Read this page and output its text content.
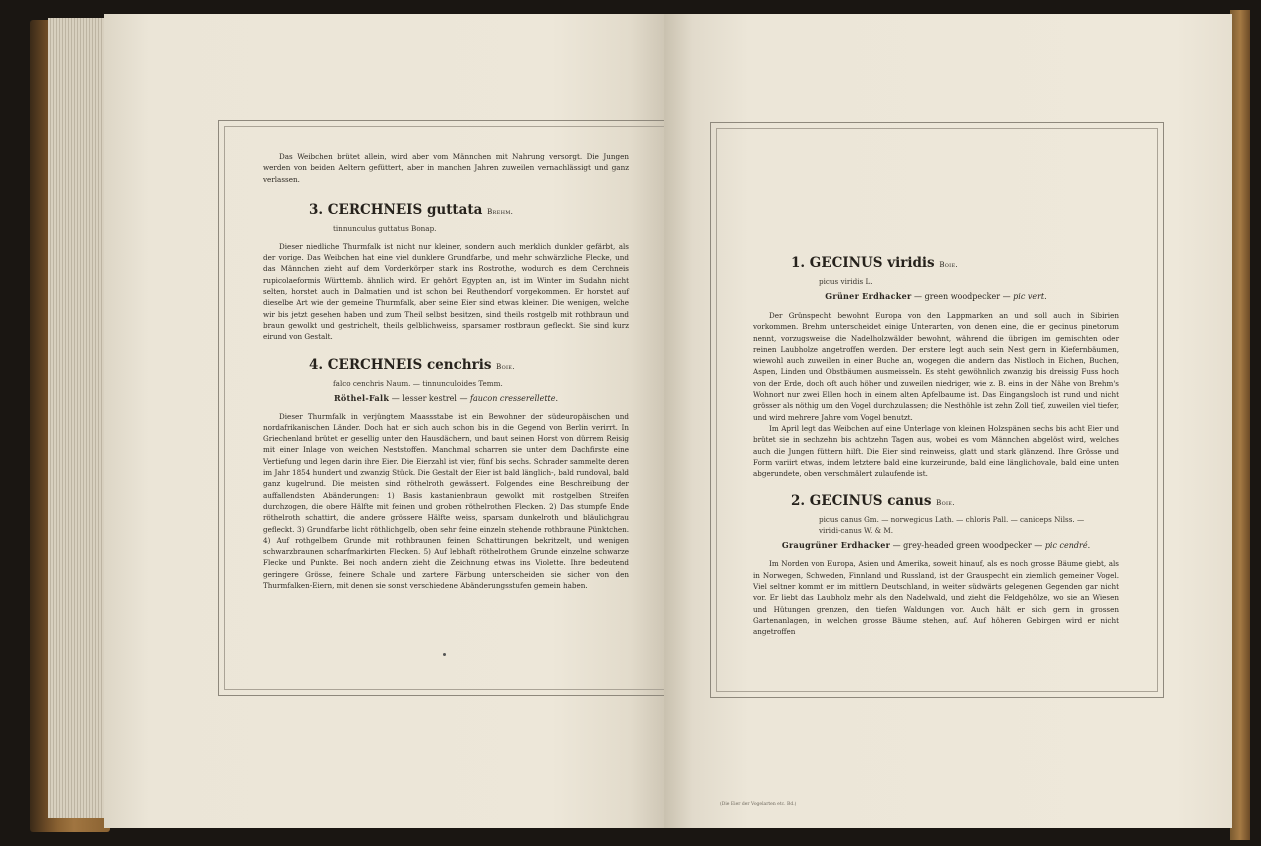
Das Weibchen brütet allein, wird aber vom Männchen mit Nahrung versorgt. Die Jungen werden von beiden Aeltern gefüttert, aber in manchen Jahren zuweilen vernachlässigt und ganz verlassen.

3. CERCHNEIS guttata Brehm.
tinnunculus guttatus Bonap.

Dieser niedliche Thurmfalk ist nicht nur kleiner, sondern auch merklich dunkler gefärbt, als der vorige. Das Weibchen hat eine viel dunklere Grundfarbe, und mehr schwärzliche Flecke, und das Männchen zieht auf dem Vorderkörper stark ins Rostrothe, wodurch es dem Cerchneis rupicolaeformis Württemb. ähnlich wird. Er gehört Egypten an, ist im Winter im Sudahn nicht selten, horstet auch in Dalmatien und ist schon bei Reuthendorf vorgekommen. Er horstet auf dieselbe Art wie der gemeine Thurmfalk, aber seine Eier sind etwas kleiner. Die wenigen, welche wir bis jetzt gesehen haben und zum Theil selbst besitzen, sind theils rostgelb mit rothbraun und braun gewolkt und gestrichelt, theils gelblichweiss, sparsamer rostbraun gefleckt. Sie sind kurz eirund von Gestalt.

4. CERCHNEIS cenchris Boie.
falco cenchris Naum. — tinnunculoides Temm.
Röthel-Falk — lesser kestrel — faucon cresserellette.

Dieser Thurmfalk in verjüngtem Maassstabe ist ein Bewohner der südeuropäischen und nordafrikanischen Länder. Doch hat er sich auch schon bis in die Gegend von Berlin verirrt. In Griechenland brütet er gesellig unter den Hausdächern, und baut seinen Horst von dürrem Reisig mit einer Inlage von weichen Neststoffen. Manchmal scharren sie unter dem Dachfirste eine Vertiefung und legen darin ihre Eier. Die Eierzahl ist vier, fünf bis sechs. Schrader sammelte deren im Jahr 1854 hundert und zwanzig Stück. Die Gestalt der Eier ist bald länglich-, bald rundoval, bald ganz kugelrund. Die meisten sind röthelroth gewässert. Folgendes eine Beschreibung der auffallendsten Abänderungen: 1) Basis kastanienbraun gewolkt mit rostgelben Streifen durchzogen, die obere Hälfte mit feinen und groben röthelrothen Flecken. 2) Das stumpfe Ende röthelroth schattirt, die andere grössere Hälfte weiss, sparsam dunkelroth und bläulichgrau gefleckt. 3) Grundfarbe licht röthlichgelb, oben sehr feine einzeln stehende rothbraune Pünktchen. 4) Auf rothgelbem Grunde mit rothbraunen feinen Schattirungen bekritzelt, und wenigen schwarzbraunen scharfmarkirten Flecken. 5) Auf lebhaft röthelrothem Grunde einzelne schwarze Flecke und Punkte. Bei noch andern zieht die Zeichnung etwas ins Violette. Ihre bedeutend geringere Grösse, feinere Schale und zartere Färbung unterscheiden sie sicher von den Thurmfalken-Eiern, mit denen sie sonst verschiedene Abänderungsstufen gemein haben.

1. GECINUS viridis Boie.
picus viridis L.
Grüner Erdhacker — green woodpecker — pic vert.

Der Grünspecht bewohnt Europa von den Lappmarken an und soll auch in Sibirien vorkommen. Brehm unterscheidet einige Unterarten, von denen eine, die er gecinus pinetorum nennt, vorzugsweise die Nadelholzwälder bewohnt, während die übrigen im gemischten oder reinen Laubholze angetroffen werden. Der erstere legt auch sein Nest gern in Kiefernbäumen, wiewohl auch zuweilen in einer Buche an, wogegen die andern das Nistloch in Eichen, Buchen, Aspen, Linden und Obstbäumen ausmeisseln. Es steht gewöhnlich zwanzig bis dreissig Fuss hoch von der Erde, doch oft auch höher und zuweilen niedriger, wie z. B. eins in der Nähe von Brehm's Wohnort nur zwei Ellen hoch in einem alten Apfelbaume ist. Das Eingangsloch ist rund und nicht grösser als nöthig um den Vogel durchzulassen; die Nesthöhle ist zehn Zoll tief, zuweilen viel tiefer, und wird mehrere Jahre vom Vogel benutzt.

Im April legt das Weibchen auf eine Unterlage von kleinen Holzspänen sechs bis acht Eier und brütet sie in sechzehn bis achtzehn Tagen aus, wobei es vom Männchen abgelöst wird, welches auch die Jungen füttern hilft. Die Eier sind reinweiss, glatt und stark glänzend. Ihre Grösse und Form variirt etwas, indem letztere bald eine kurzeirunde, bald eine länglichovale, bald eine unten abgerundete, oben verschmälert zulaufende ist.

2. GECINUS canus Boie.
picus canus Gm. — norwegicus Lath. — chloris Pall. — caniceps Nilss. — viridi-canus W. & M.
Graugrüner Erdhacker — grey-headed green woodpecker — pic cendré.

Im Norden von Europa, Asien und Amerika, soweit hinauf, als es noch grosse Bäume giebt, als in Norwegen, Schweden, Finnland und Russland, ist der Grauspecht ein ziemlich gemeiner Vogel. Viel seltner kommt er im mittlern Deutschland, in weiter südwärts gelegenen Gegenden gar nicht vor. Er liebt das Laubholz mehr als den Nadelwald, und zieht die Feldgehölze, wo sie an Wiesen und Hütungen grenzen, den tiefen Waldungen vor. Auch hält er sich gern in grossen Gartenanlagen, in welchen grosse Bäume stehen, auf. Auf höheren Gebirgen wird er nicht angetroffen

(Die Eier der Vogelarten etc. Bd.)
